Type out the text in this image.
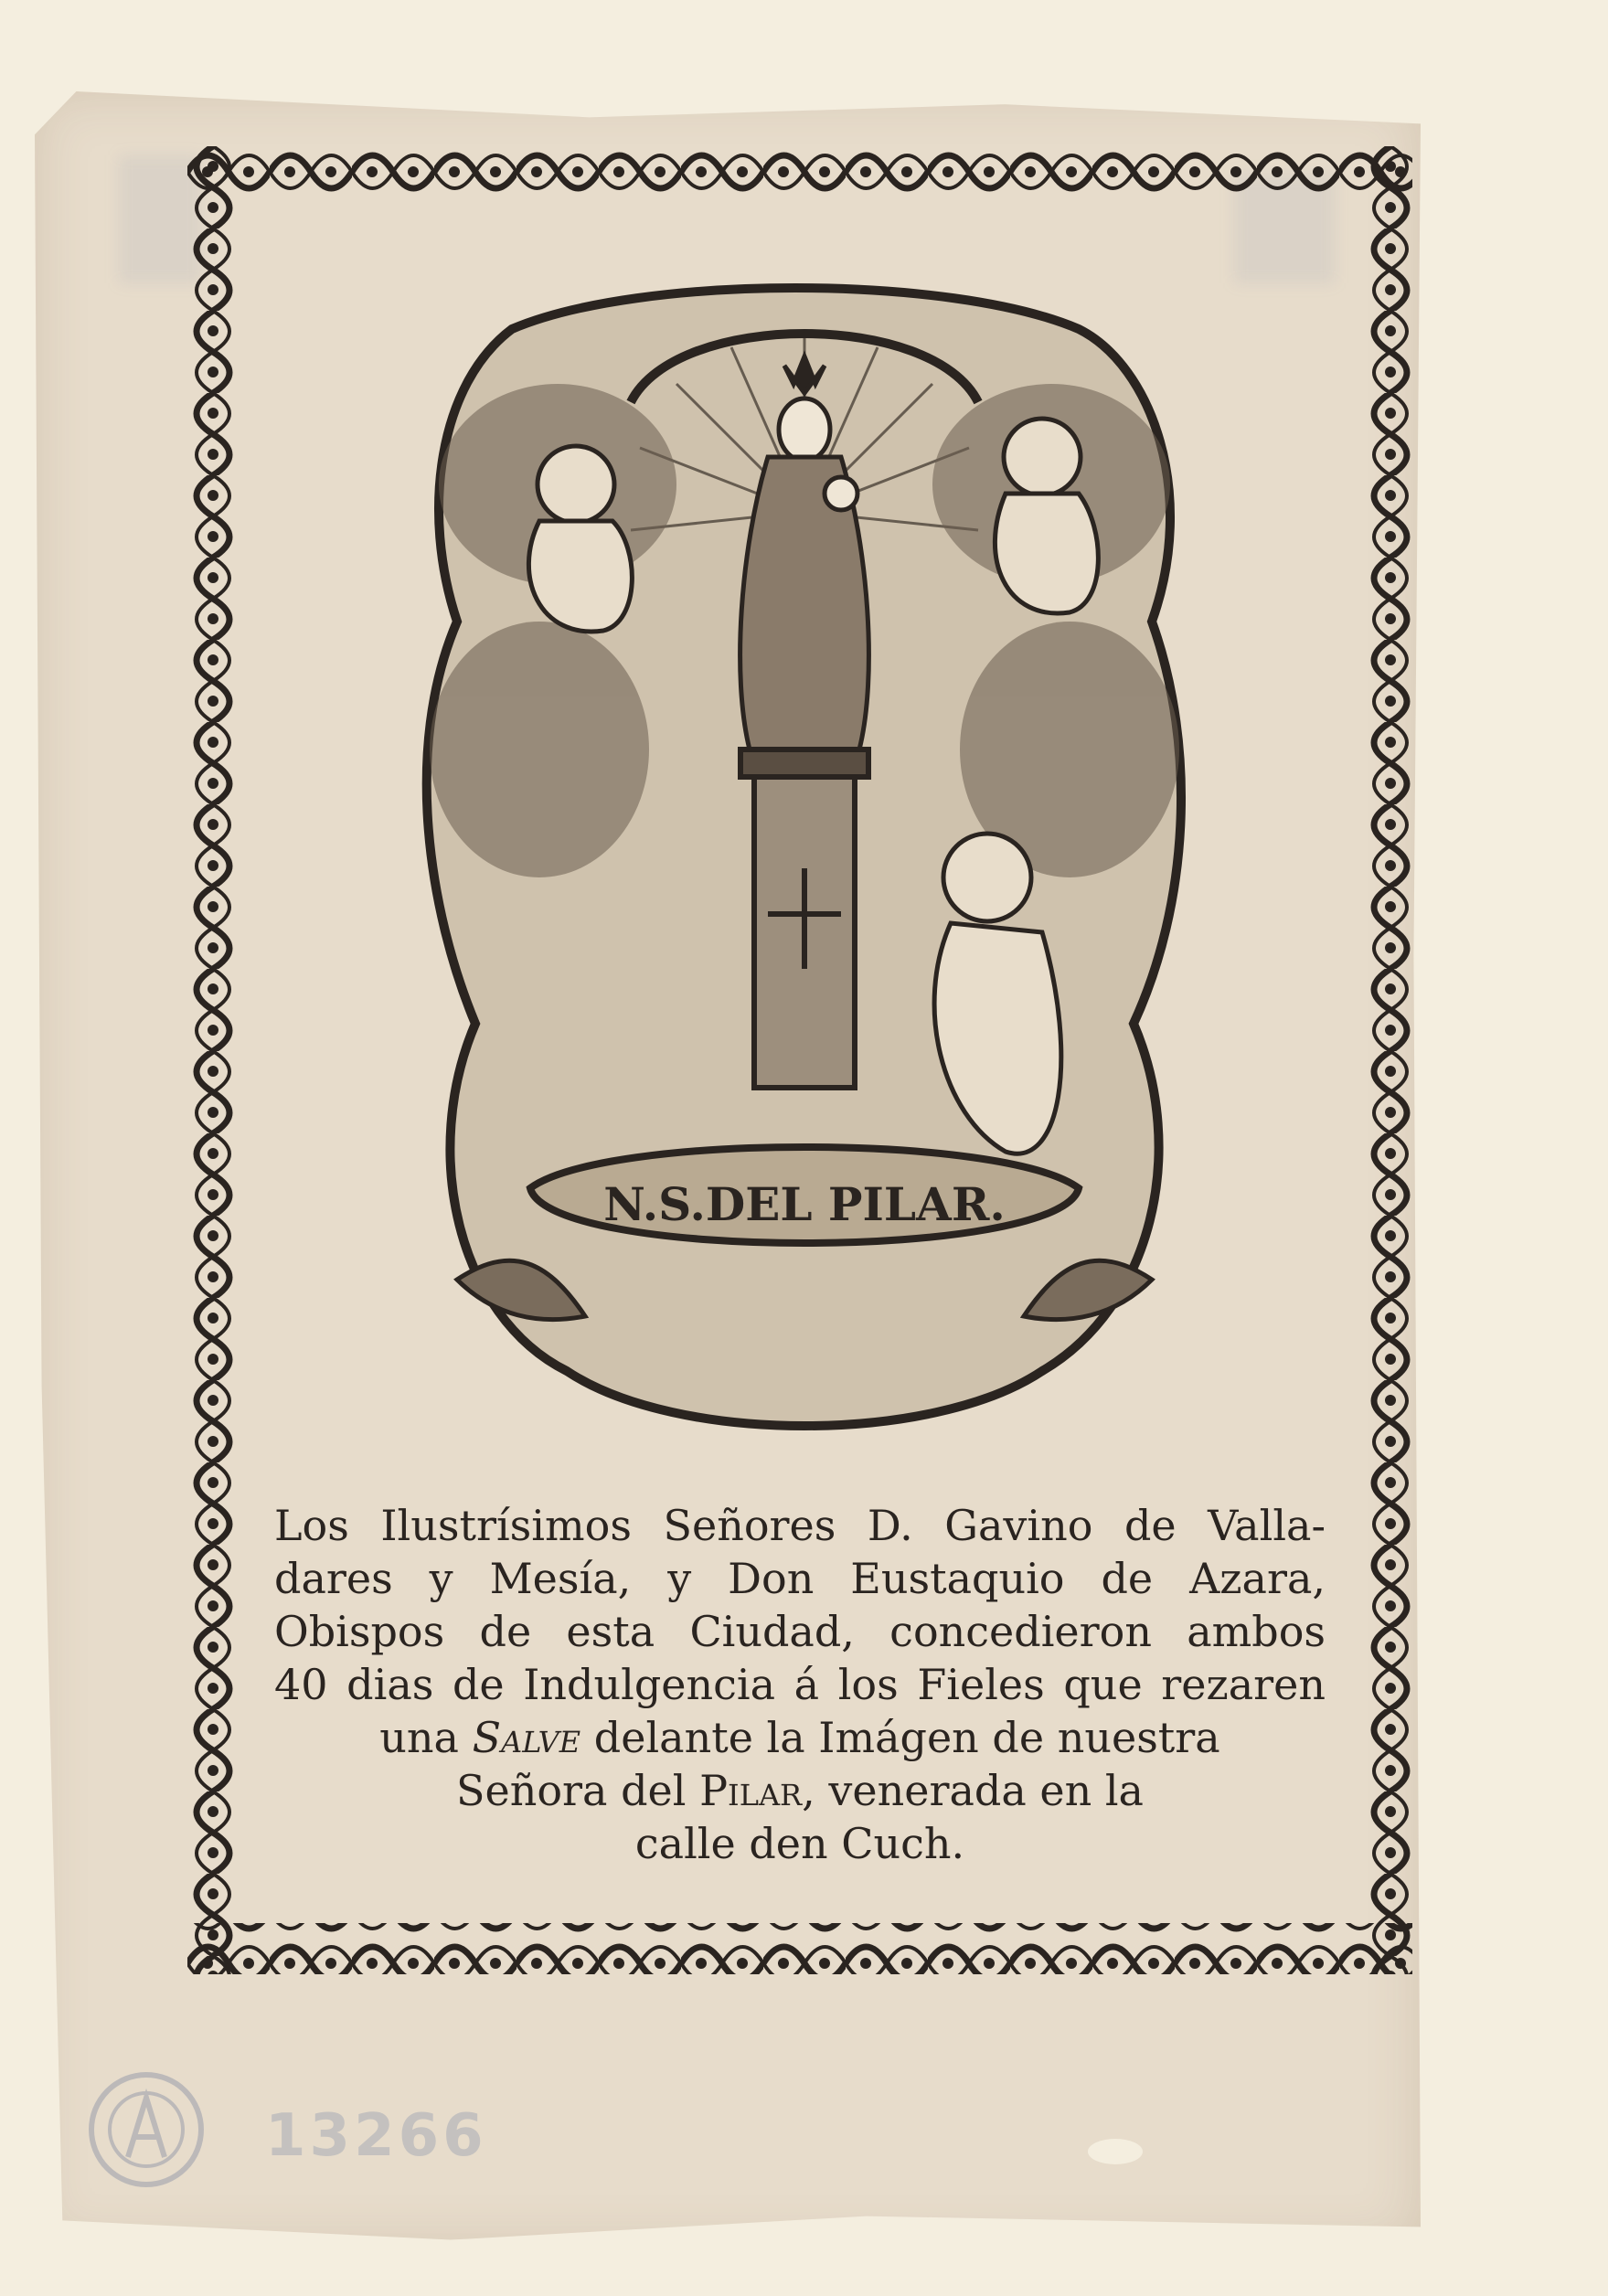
N.S.DEL PILAR.
Los Ilustrísimos Señores D. Gavino de Valla-
dares y Mesía, y Don Eustaquio de Azara,
Obispos de esta Ciudad, concedieron ambos
40 dias de Indulgencia á los Fieles que rezaren
una Salve delante la Imágen de nuestra
Señora del Pilar, venerada en la
calle den Cuch.
13266
